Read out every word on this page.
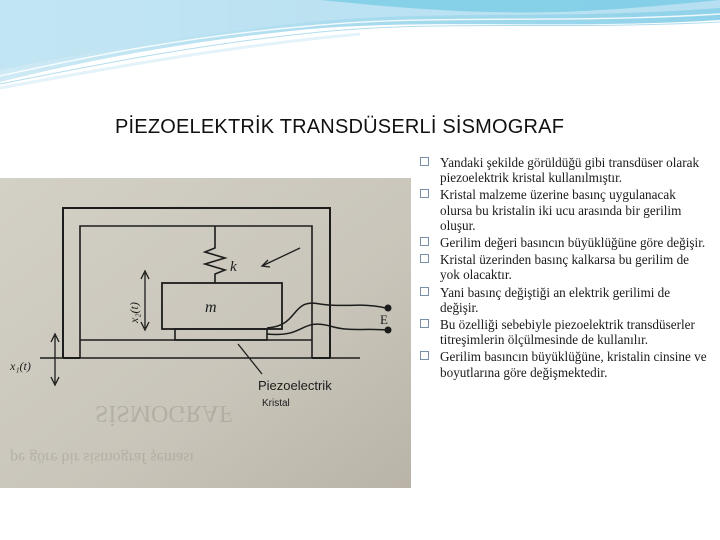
PİEZOELEKTRİK TRANSDÜSERLİ SİSMOGRAF
SİSMOGRAF
pe göre bir sismograf şeması
k
m
x₂(t)
x₁(t)
E
Piezoelectrik
Kristal
Yandaki şekilde görüldüğü gibi transdüser olarak piezoelektrik kristal kullanılmıştır.
Kristal malzeme üzerine basınç uygulanacak olursa bu kristalin iki ucu arasında bir gerilim oluşur.
Gerilim değeri basıncın büyüklüğüne göre değişir.
Kristal üzerinden basınç kalkarsa bu gerilim de yok olacaktır.
Yani basınç değiştiği an elektrik gerilimi de değişir.
Bu özelliği sebebiyle piezoelektrik transdüserler titreşimlerin ölçülmesinde de kullanılır.
Gerilim basıncın büyüklüğüne, kristalin cinsine ve boyutlarına göre değişmektedir.
